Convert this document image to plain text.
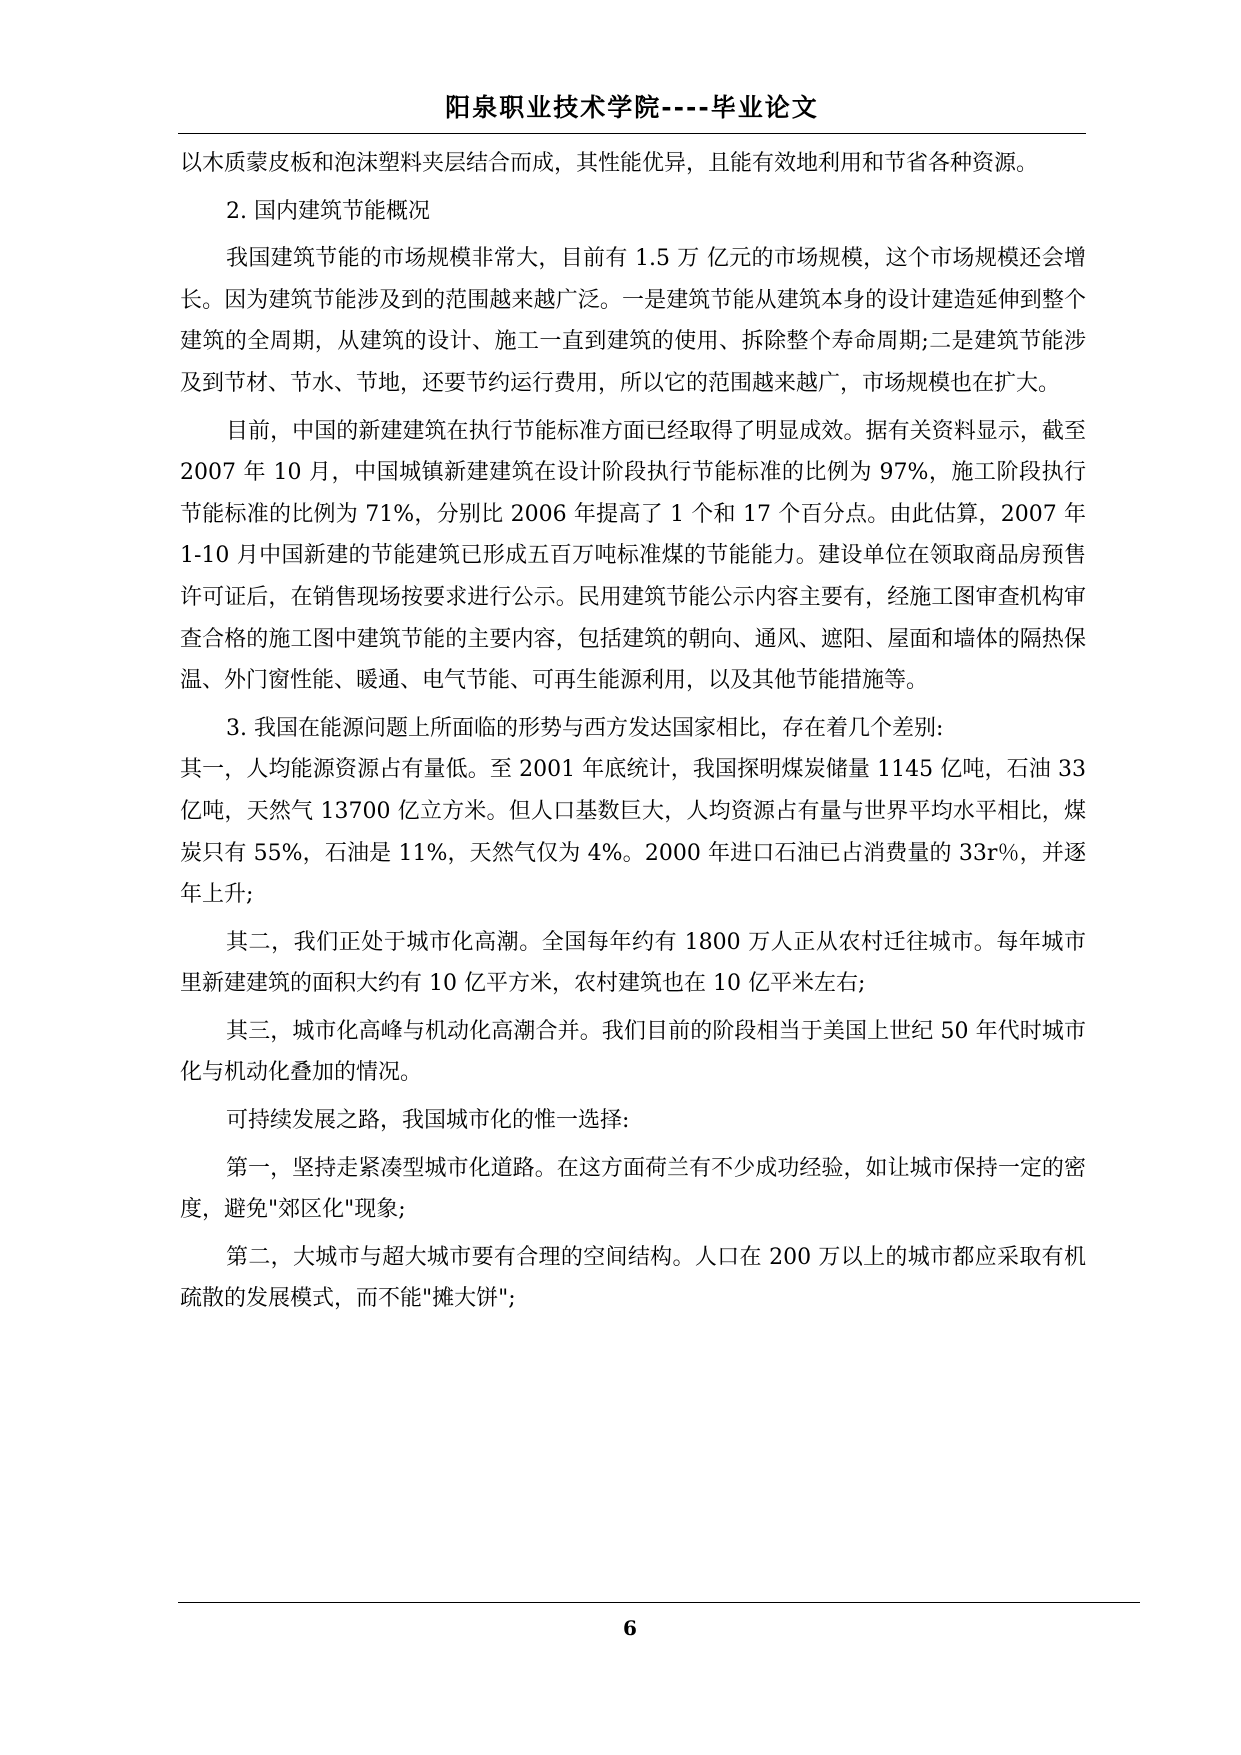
阳泉职业技术学院----毕业论文

以木质蒙皮板和泡沫塑料夹层结合而成，其性能优异，且能有效地利用和节省各种资源。

2. 国内建筑节能概况

我国建筑节能的市场规模非常大，目前有 1.5 万 亿元的市场规模，这个市场规模还会增长。因为建筑节能涉及到的范围越来越广泛。一是建筑节能从建筑本身的设计建造延伸到整个建筑的全周期，从建筑的设计、施工一直到建筑的使用、拆除整个寿命周期;二是建筑节能涉及到节材、节水、节地，还要节约运行费用，所以它的范围越来越广，市场规模也在扩大。

目前，中国的新建建筑在执行节能标准方面已经取得了明显成效。据有关资料显示，截至 2007 年 10 月，中国城镇新建建筑在设计阶段执行节能标准的比例为 97%，施工阶段执行节能标准的比例为 71%，分别比 2006 年提高了 1 个和 17 个百分点。由此估算，2007 年 1-10 月中国新建的节能建筑已形成五百万吨标准煤的节能能力。建设单位在领取商品房预售许可证后，在销售现场按要求进行公示。民用建筑节能公示内容主要有，经施工图审查机构审查合格的施工图中建筑节能的主要内容，包括建筑的朝向、通风、遮阳、屋面和墙体的隔热保温、外门窗性能、暖通、电气节能、可再生能源利用，以及其他节能措施等。

3. 我国在能源问题上所面临的形势与西方发达国家相比，存在着几个差别:

其一，人均能源资源占有量低。至 2001 年底统计，我国探明煤炭储量 1145 亿吨，石油 33 亿吨，天然气 13700 亿立方米。但人口基数巨大，人均资源占有量与世界平均水平相比，煤炭只有 55%，石油是 11%，天然气仅为 4%。2000 年进口石油已占消费量的 33r％，并逐年上升;

其二，我们正处于城市化高潮。全国每年约有 1800 万人正从农村迁往城市。每年城市里新建建筑的面积大约有 10 亿平方米，农村建筑也在 10 亿平米左右;

其三，城市化高峰与机动化高潮合并。我们目前的阶段相当于美国上世纪 50 年代时城市化与机动化叠加的情况。

可持续发展之路，我国城市化的惟一选择:

第一，坚持走紧凑型城市化道路。在这方面荷兰有不少成功经验，如让城市保持一定的密度，避免"郊区化"现象;

第二，大城市与超大城市要有合理的空间结构。人口在 200 万以上的城市都应采取有机疏散的发展模式，而不能"摊大饼";

6
